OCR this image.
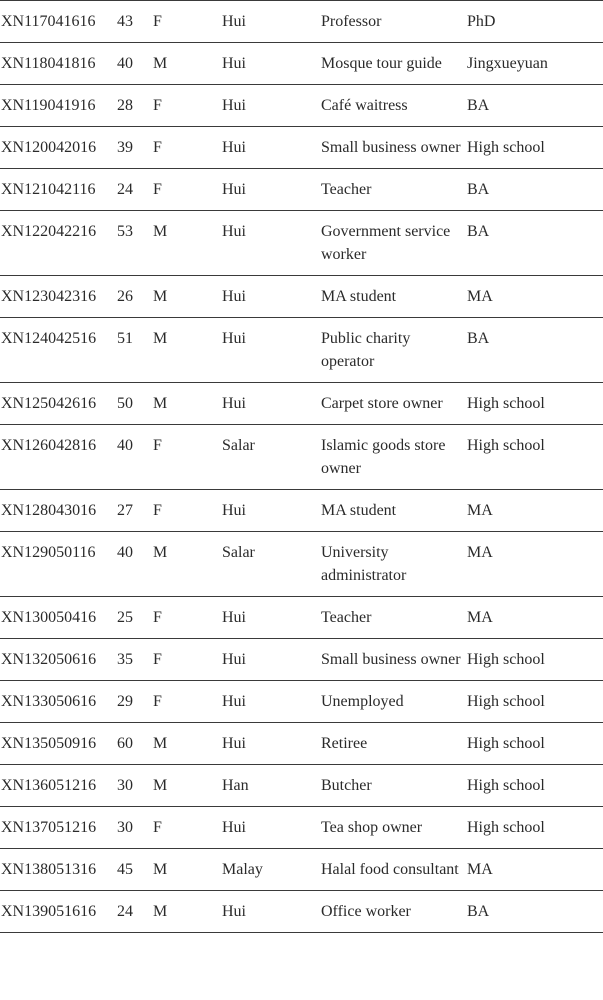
XN117041616	43	F	Hui	Professor	PhD
XN118041816	40	M	Hui	Mosque tour guide	Jingxueyuan
XN119041916	28	F	Hui	Café waitress	BA
XN120042016	39	F	Hui	Small business owner	High school
XN121042116	24	F	Hui	Teacher	BA
XN122042216	53	M	Hui	Government service worker	BA
XN123042316	26	M	Hui	MA student	MA
XN124042516	51	M	Hui	Public charity operator	BA
XN125042616	50	M	Hui	Carpet store owner	High school
XN126042816	40	F	Salar	Islamic goods store owner	High school
XN128043016	27	F	Hui	MA student	MA
XN129050116	40	M	Salar	University administrator	MA
XN130050416	25	F	Hui	Teacher	MA
XN132050616	35	F	Hui	Small business owner	High school
XN133050616	29	F	Hui	Unemployed	High school
XN135050916	60	M	Hui	Retiree	High school
XN136051216	30	M	Han	Butcher	High school
XN137051216	30	F	Hui	Tea shop owner	High school
XN138051316	45	M	Malay	Halal food consultant	MA
XN139051616	24	M	Hui	Office worker	BA
